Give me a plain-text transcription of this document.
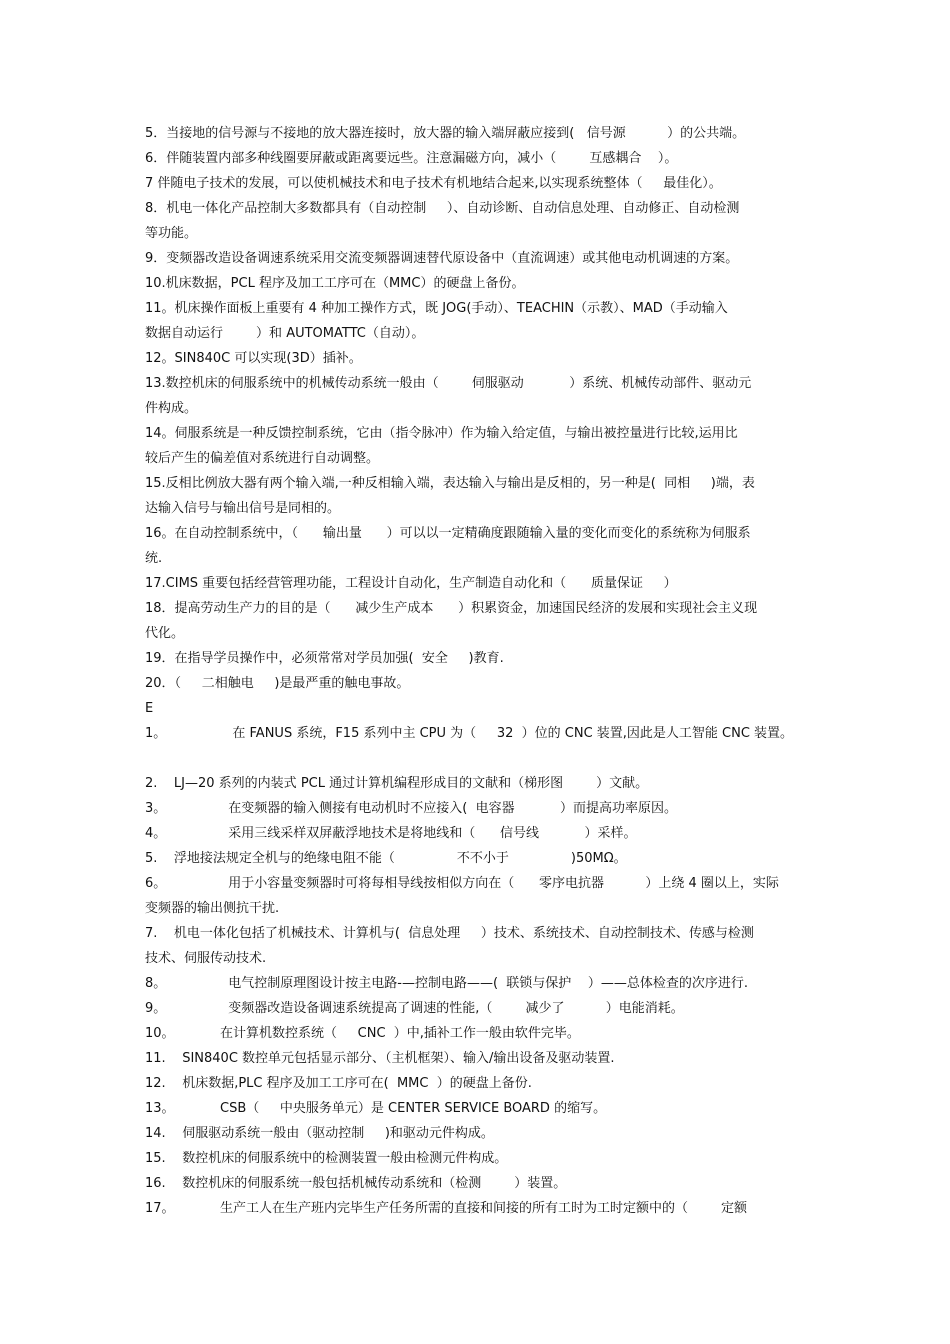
5．当接地的信号源与不接地的放大器连接时，放大器的输入端屏蔽应接到(   信号源          ）的公共端。
6．伴随装置内部多种线圈要屏蔽或距离要远些。注意漏磁方向，减小（        互感耦合    ）。
7 伴随电子技术的发展，可以使机械技术和电子技术有机地结合起来,以实现系统整体（     最佳化）。
8．机电一体化产品控制大多数都具有（自动控制     ）、自动诊断、自动信息处理、自动修正、自动检测
等功能。
9．变频器改造设备调速系统采用交流变频器调速替代原设备中（直流调速）或其他电动机调速的方案。
10.机床数据，PCL 程序及加工工序可在（MMC）的硬盘上备份。
11。机床操作面板上重要有 4 种加工操作方式，既 JOG(手动）、TEACHIN（示教）、MAD（手动输入
数据自动运行        ）和 AUTOMATTC（自动）。
12。SIN840C 可以实现(3D）插补。
13.数控机床的伺服系统中的机械传动系统一般由（        伺服驱动           ）系统、机械传动部件、驱动元
件构成。
14。伺服系统是一种反馈控制系统，它由（指令脉冲）作为输入给定值，与输出被控量进行比较,运用比
较后产生的偏差值对系统进行自动调整。
15.反相比例放大器有两个输入端,一种反相输入端，表达输入与输出是反相的，另一种是(  同相     )端，表
达输入信号与输出信号是同相的。
16。在自动控制系统中，（      输出量      ）可以以一定精确度跟随输入量的变化而变化的系统称为伺服系
统.
17.CIMS 重要包括经营管理功能，工程设计自动化，生产制造自动化和（      质量保证     ）
18．提高劳动生产力的目的是（      减少生产成本      ）积累资金，加速国民经济的发展和实现社会主义现
代化。
19．在指导学员操作中，必须常常对学员加强(  安全     )教育.
20．（     二相触电     )是最严重的触电事故。
E
1。                在 FANUS 系统，F15 系列中主 CPU 为（     32  ）位的 CNC 装置,因此是人工智能 CNC 装置。
2.    LJ—20 系列的内装式 PCL 通过计算机编程形成目的文献和（梯形图        ）文献。
3。               在变频器的输入侧接有电动机时不应接入(  电容器           ）而提高功率原因。
4。               采用三线采样双屏蔽浮地技术是将地线和（      信号线           ）采样。
5.    浮地接法规定全机与的绝缘电阻不能（               不不小于               )50MΩ。
6。               用于小容量变频器时可将每相导线按相似方向在（      零序电抗器          ）上绕 4 圈以上，实际
变频器的输出侧抗干扰.
7.    机电一体化包括了机械技术、计算机与(  信息处理     ）技术、系统技术、自动控制技术、传感与检测
技术、伺服传动技术.
8。               电气控制原理图设计按主电路-—控制电路——(  联锁与保护    ）——总体检查的次序进行.
9。               变频器改造设备调速系统提高了调速的性能,（        减少了          ）电能消耗。
10。           在计算机数控系统（     CNC  ）中,插补工作一般由软件完毕。
11.    SIN840C 数控单元包括显示部分、（主机框架）、输入/输出设备及驱动装置.
12.    机床数据,PLC 程序及加工工序可在(  MMC  ）的硬盘上备份.
13。           CSB（     中央服务单元）是 CENTER SERVICE BOARD 的缩写。
14.    伺服驱动系统一般由（驱动控制     )和驱动元件构成。
15.    数控机床的伺服系统中的检测装置一般由检测元件构成。
16.    数控机床的伺服系统一般包括机械传动系统和（检测        ）装置。
17。           生产工人在生产班内完毕生产任务所需的直接和间接的所有工时为工时定额中的（        定额
